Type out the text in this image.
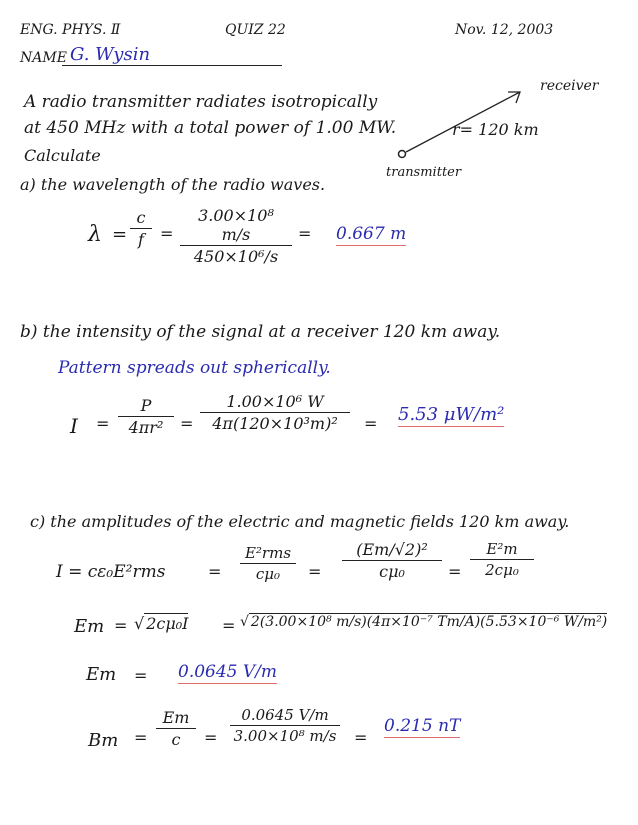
ENG. PHYS. Ⅱ	QUIZ 22	Nov. 12, 2003
NAME G. Wysin
A radio transmitter radiates isotropically
at 450 MHz with a total power of 1.00 MW.
Calculate
receiver
r= 120 km
transmitter
a) the wavelength of the radio waves.
λ =
c
f	=
3.00×10⁸ m/s
450×10⁶/s
= 0.667 m
b) the intensity of the signal at a receiver 120 km away.
Pattern spreads out spherically.
I =
P
4πr²	=
1.00×10⁶ W
4π(120×10³m)²	= 5.53 μW/m²
c) the amplitudes of the electric and magnetic fields 120 km away.
I = cε₀E²rms	=
E²rms
cμ₀	=
(Em/√2)²
cμ₀	=
E²m
2cμ₀
Em = √ 2cμ₀I = √ 2(3.00×10⁸ m/s)(4π×10⁻⁷ Tm/A)(5.53×10⁻⁶ W/m²)
Em = 0.0645 V/m
Bm =
Em
c	=
0.0645 V/m
3.00×10⁸ m/s =
0.215 nT
